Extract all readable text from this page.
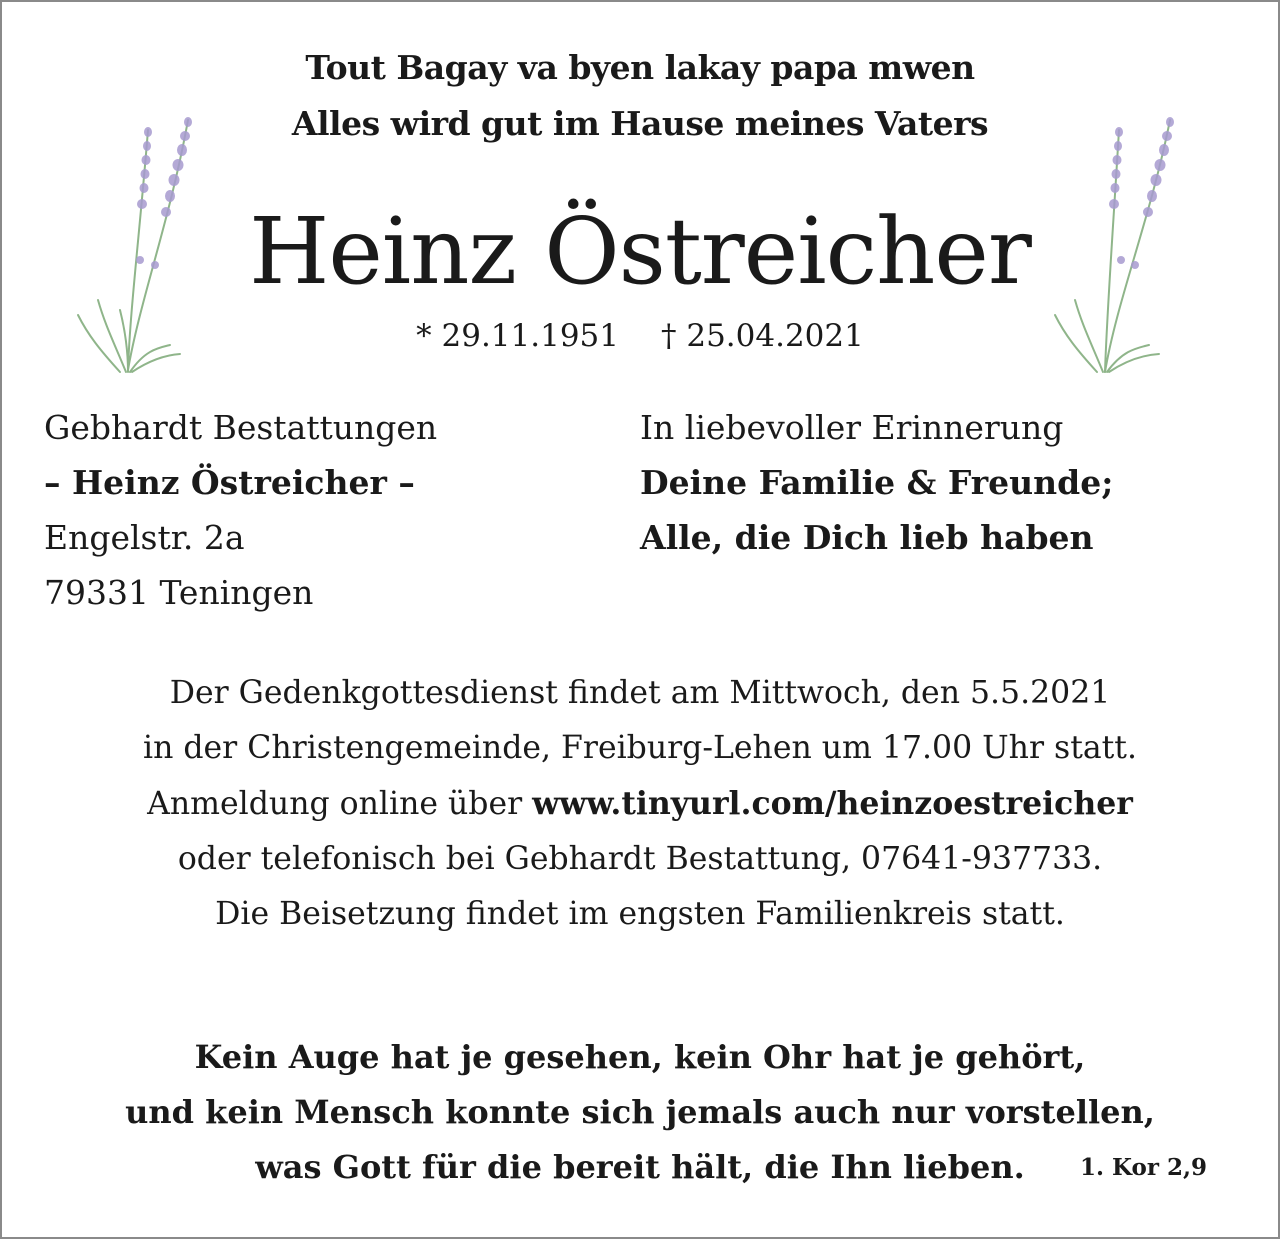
Tout Bagay va byen lakay papa mwen
Alles wird gut im Hause meines Vaters
Heinz Östreicher
* 29.11.1951 † 25.04.2021
Gebhardt Bestattungen
– Heinz Östreicher –
Engelstr. 2a
79331 Teningen
In liebevoller Erinnerung
Deine Familie & Freunde;
Alle, die Dich lieb haben
Der Gedenkgottesdienst findet am Mittwoch, den 5.5.2021
in der Christengemeinde, Freiburg-Lehen um 17.00 Uhr statt.
Anmeldung online über www.tinyurl.com/heinzoestreicher
oder telefonisch bei Gebhardt Bestattung, 07641-937733.
Die Beisetzung findet im engsten Familienkreis statt.
Kein Auge hat je gesehen, kein Ohr hat je gehört,
und kein Mensch konnte sich jemals auch nur vorstellen,
was Gott für die bereit hält, die Ihn lieben.	1. Kor 2,9
